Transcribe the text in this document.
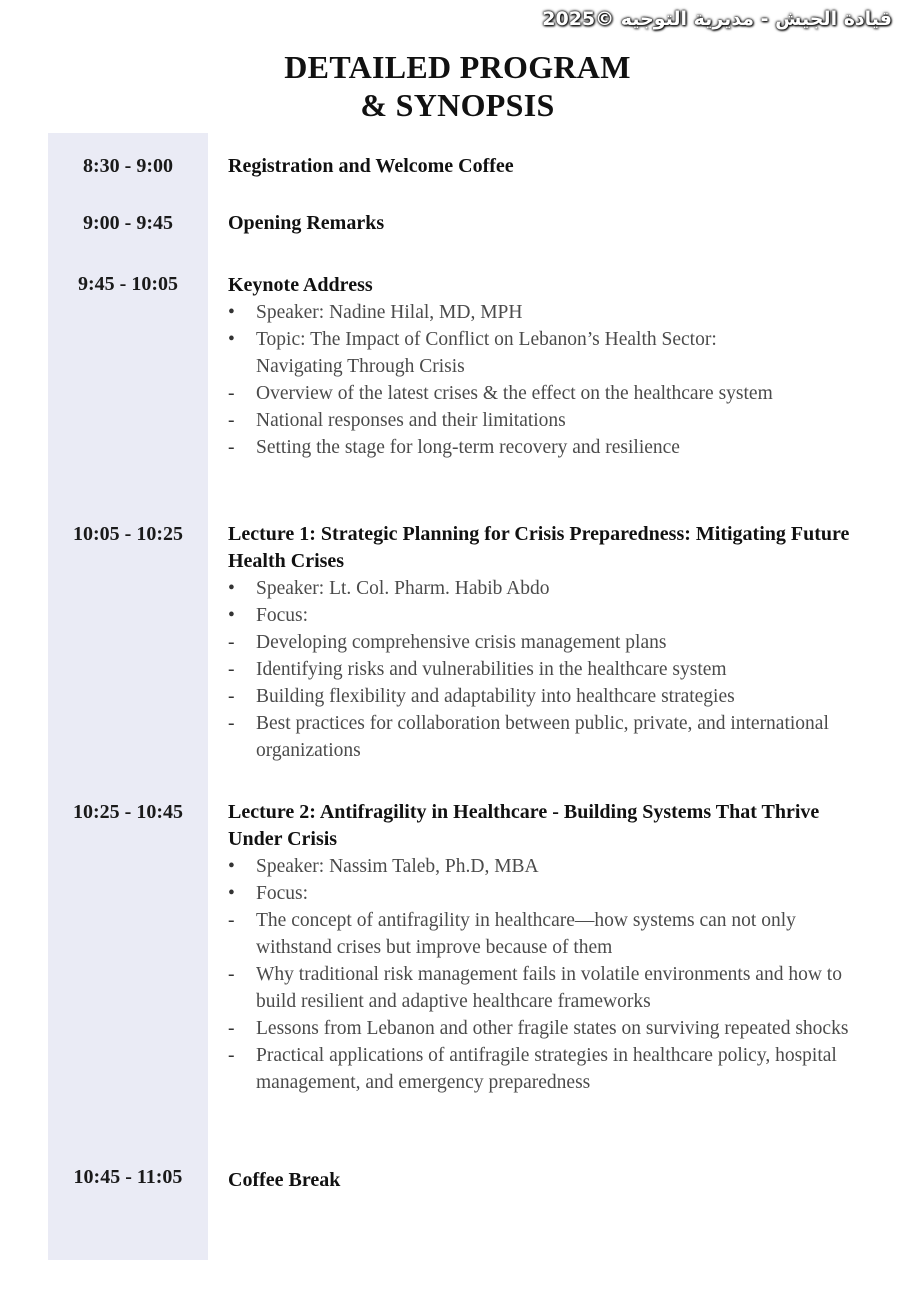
قيادة الجيش - مديرية التوجيه ©2025
DETAILED PROGRAM
& SYNOPSIS
8:30 - 9:00	Registration and Welcome Coffee
9:00 - 9:45	Opening Remarks
9:45 - 10:05	Keynote Address
•	Speaker: Nadine Hilal, MD, MPH
•	Topic: The Impact of Conflict on Lebanon’s Health Sector: Navigating Through Crisis
-	Overview of the latest crises & the effect on the healthcare system
-	National responses and their limitations
-	Setting the stage for long-term recovery and resilience
10:05 - 10:25	Lecture 1: Strategic Planning for Crisis Preparedness: Mitigating Future Health Crises
•	Speaker: Lt. Col. Pharm. Habib Abdo
•	Focus:
-	Developing comprehensive crisis management plans
-	Identifying risks and vulnerabilities in the healthcare system
-	Building flexibility and adaptability into healthcare strategies
-	Best practices for collaboration between public, private, and international organizations
10:25 - 10:45	Lecture 2: Antifragility in Healthcare - Building Systems That Thrive Under Crisis
•	Speaker: Nassim Taleb, Ph.D, MBA
•	Focus:
-	The concept of antifragility in healthcare—how systems can not only withstand crises but improve because of them
-	Why traditional risk management fails in volatile environments and how to build resilient and adaptive healthcare frameworks
-	Lessons from Lebanon and other fragile states on surviving repeated shocks
-	Practical applications of antifragile strategies in healthcare policy, hospital management, and emergency preparedness
10:45 - 11:05	Coffee Break
